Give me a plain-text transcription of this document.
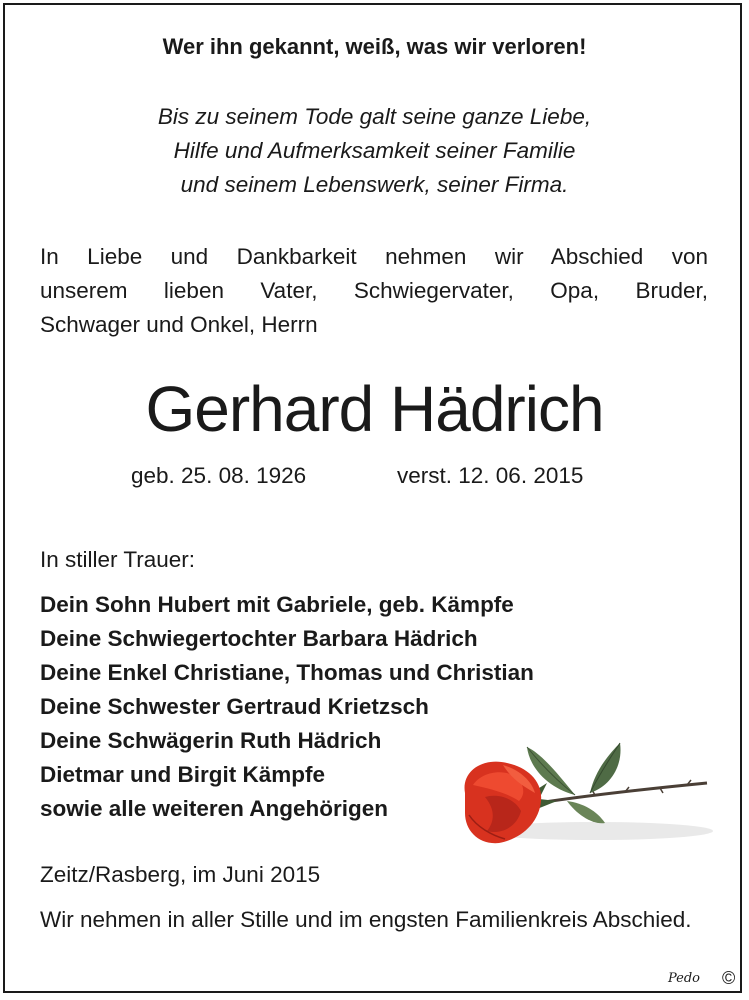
Wer ihn gekannt, weiß, was wir verloren!
Bis zu seinem Tode galt seine ganze Liebe,
Hilfe und Aufmerksamkeit seiner Familie
und seinem Lebenswerk, seiner Firma.
In Liebe und Dankbarkeit nehmen wir Abschied von
unserem lieben Vater, Schwiegervater, Opa, Bruder,
Schwager und Onkel, Herrn
Gerhard Hädrich
geb. 25. 08. 1926	verst. 12. 06. 2015
In stiller Trauer:
Dein Sohn Hubert mit Gabriele, geb. Kämpfe
Deine Schwiegertochter Barbara Hädrich
Deine Enkel Christiane, Thomas und Christian
Deine Schwester Gertraud Krietzsch
Deine Schwägerin Ruth Hädrich
Dietmar und Birgit Kämpfe
sowie alle weiteren Angehörigen
Zeitz/Rasberg, im Juni 2015
Wir nehmen in aller Stille und im engsten Familienkreis Abschied.
Pedo ©
